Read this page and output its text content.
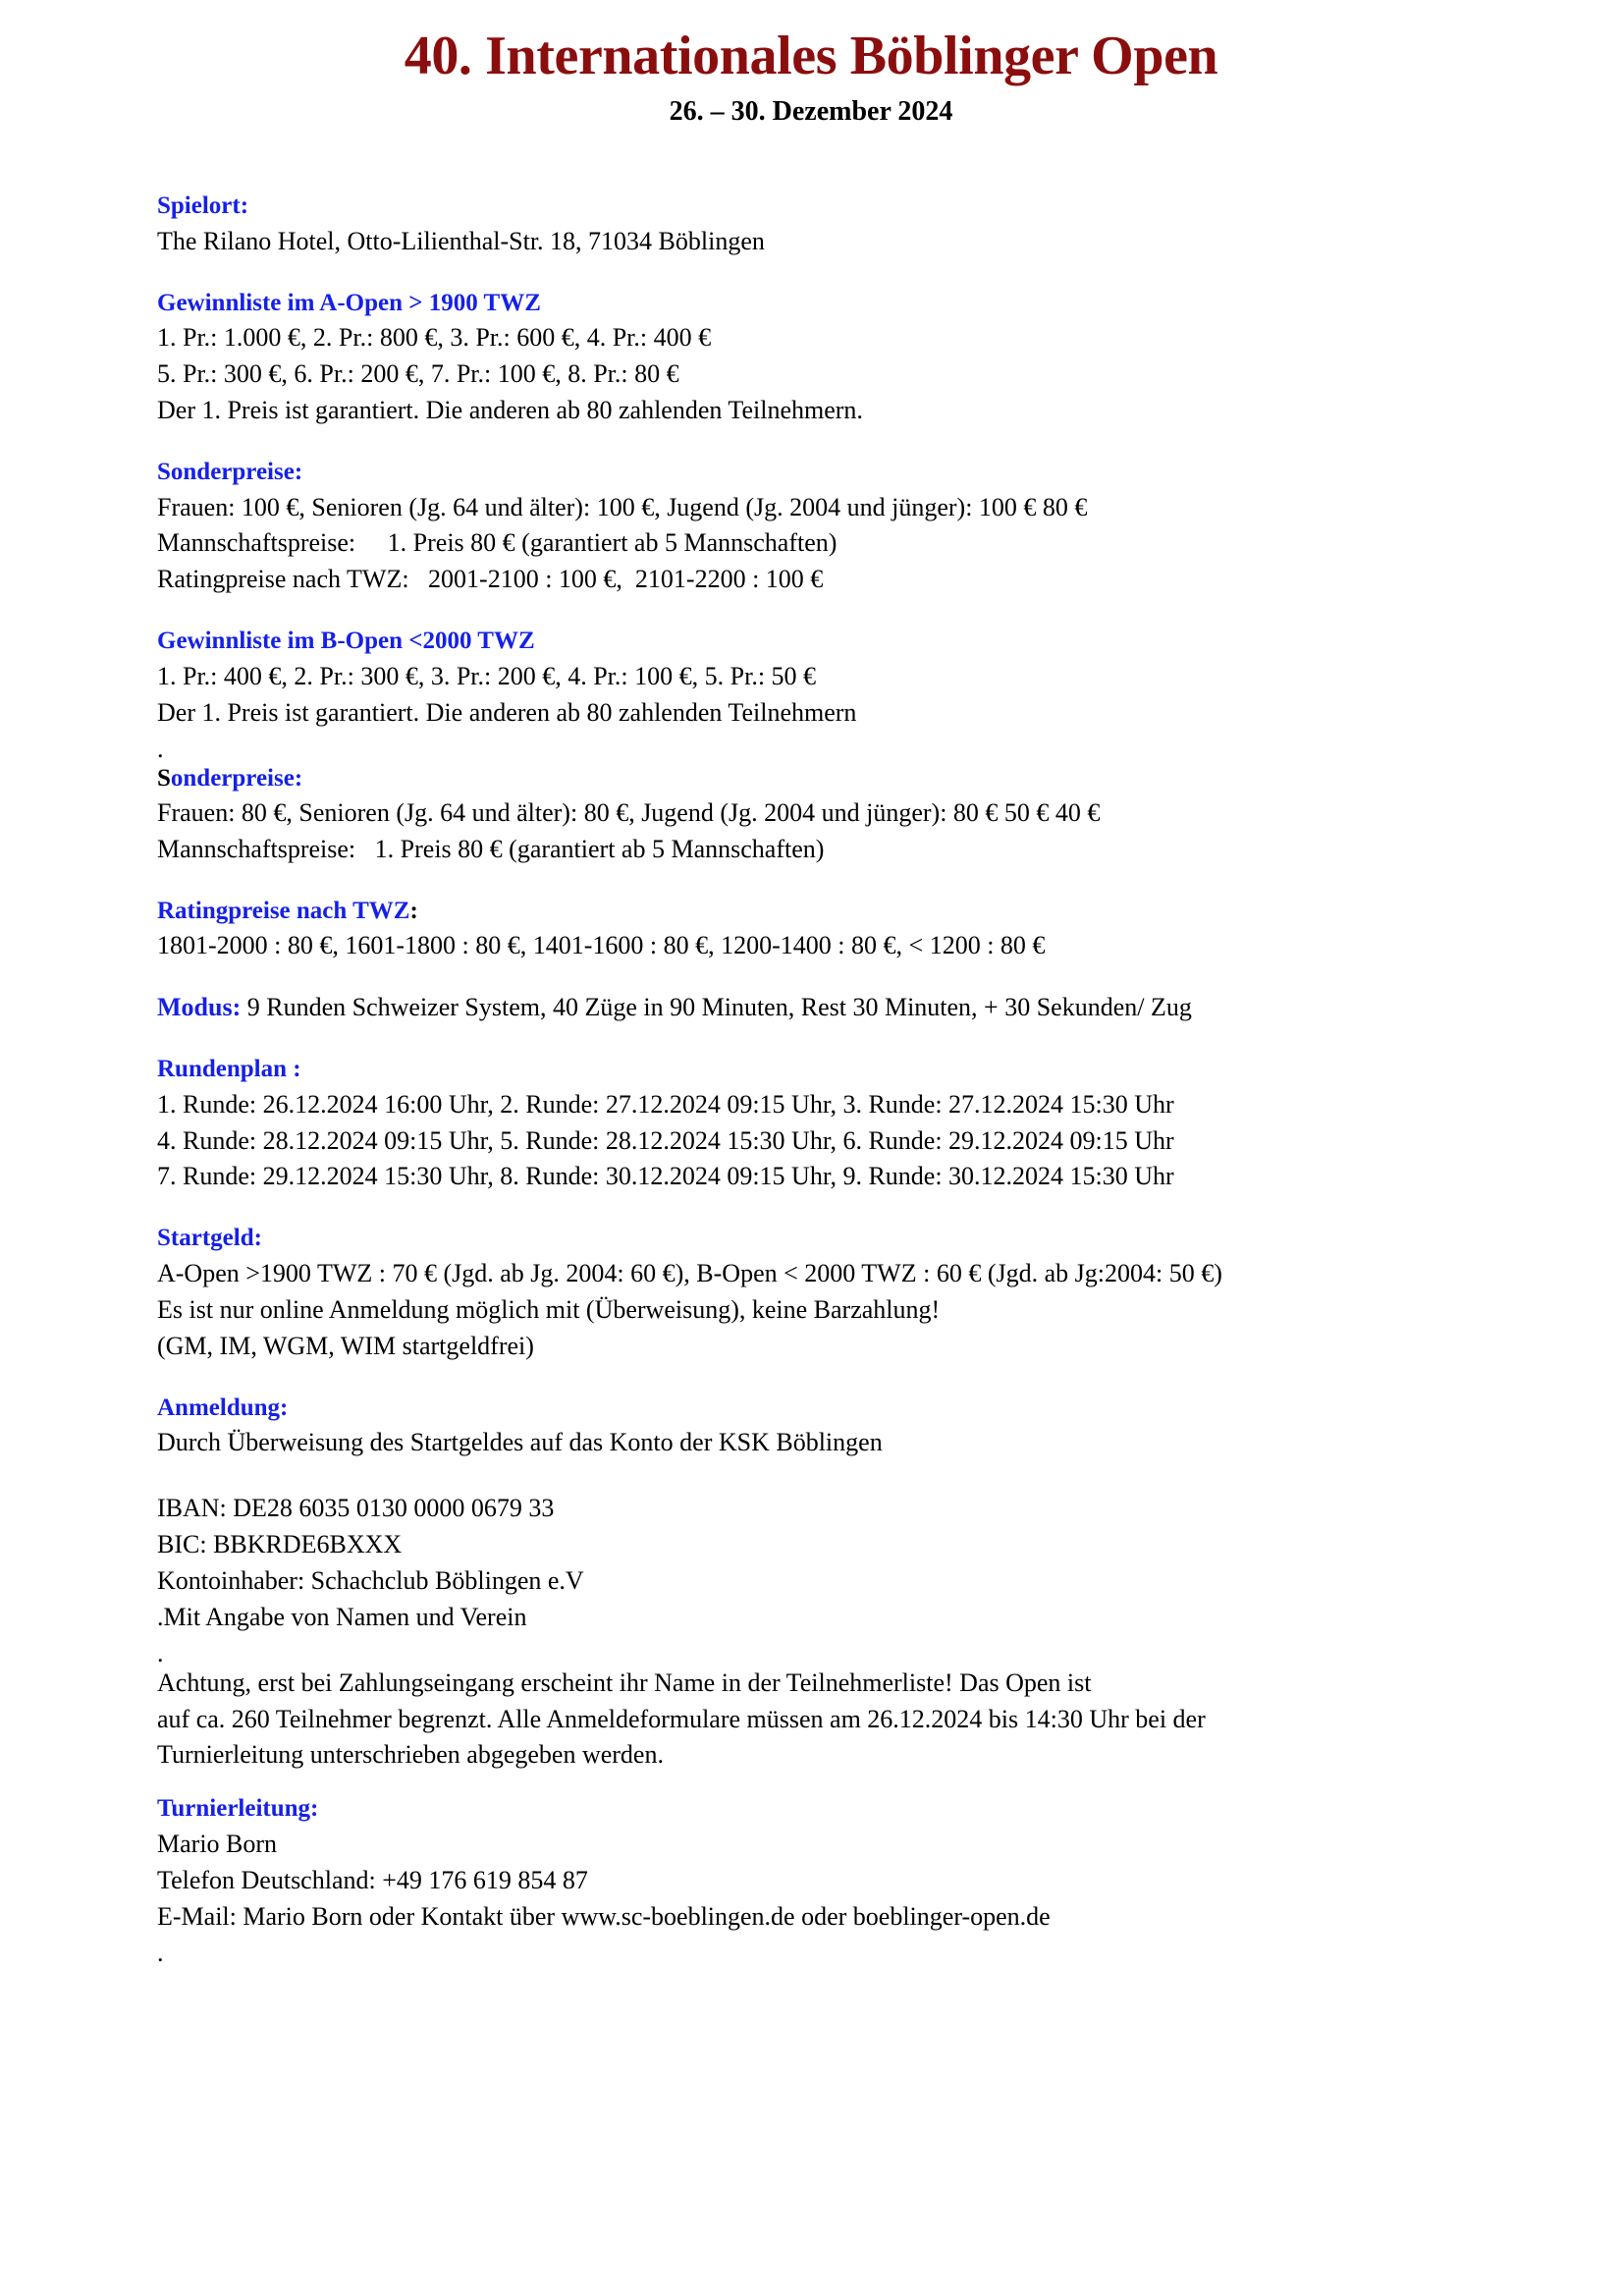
40. Internationales Böblinger Open
26. – 30. Dezember 2024
Spielort:
The Rilano Hotel, Otto-Lilienthal-Str. 18, 71034 Böblingen
Gewinnliste im A-Open > 1900 TWZ
1. Pr.: 1.000 €, 2. Pr.: 800 €, 3. Pr.: 600 €, 4. Pr.: 400 €
5. Pr.: 300 €, 6. Pr.: 200 €, 7. Pr.: 100 €, 8. Pr.: 80 €
Der 1. Preis ist garantiert. Die anderen ab 80 zahlenden Teilnehmern.
Sonderpreise:
Frauen: 100 €, Senioren (Jg. 64 und älter): 100 €, Jugend (Jg. 2004 und jünger): 100 € 80 €
Mannschaftspreise:     1. Preis 80 € (garantiert ab 5 Mannschaften)
Ratingpreise nach TWZ:   2001-2100 : 100 €,  2101-2200 : 100 €
Gewinnliste im B-Open <2000 TWZ
1. Pr.: 400 €, 2. Pr.: 300 €, 3. Pr.: 200 €, 4. Pr.: 100 €, 5. Pr.: 50 €
Der 1. Preis ist garantiert. Die anderen ab 80 zahlenden Teilnehmern
.
Sonderpreise:
Frauen: 80 €, Senioren (Jg. 64 und älter): 80 €, Jugend (Jg. 2004 und jünger): 80 € 50 € 40 €
Mannschaftspreise:   1. Preis 80 € (garantiert ab 5 Mannschaften)
Ratingpreise nach TWZ:
1801-2000 : 80 €, 1601-1800 : 80 €, 1401-1600 : 80 €, 1200-1400 : 80 €, < 1200 : 80 €
Modus: 9 Runden Schweizer System, 40 Züge in 90 Minuten, Rest 30 Minuten, + 30 Sekunden/ Zug
Rundenplan :
1. Runde: 26.12.2024 16:00 Uhr, 2. Runde: 27.12.2024 09:15 Uhr, 3. Runde: 27.12.2024 15:30 Uhr
4. Runde: 28.12.2024 09:15 Uhr, 5. Runde: 28.12.2024 15:30 Uhr, 6. Runde: 29.12.2024 09:15 Uhr
7. Runde: 29.12.2024 15:30 Uhr, 8. Runde: 30.12.2024 09:15 Uhr, 9. Runde: 30.12.2024 15:30 Uhr
Startgeld:
A-Open >1900 TWZ : 70 € (Jgd. ab Jg. 2004: 60 €), B-Open < 2000 TWZ : 60 € (Jgd. ab Jg:2004: 50 €)
Es ist nur online Anmeldung möglich mit (Überweisung), keine Barzahlung!
(GM, IM, WGM, WIM startgeldfrei)
Anmeldung:
Durch Überweisung des Startgeldes auf das Konto der KSK Böblingen
IBAN: DE28 6035 0130 0000 0679 33
BIC: BBKRDE6BXXX
Kontoinhaber: Schachclub Böblingen e.V
.Mit Angabe von Namen und Verein
.
Achtung, erst bei Zahlungseingang erscheint ihr Name in der Teilnehmerliste! Das Open ist
auf ca. 260 Teilnehmer begrenzt. Alle Anmeldeformulare müssen am 26.12.2024 bis 14:30 Uhr bei der
Turnierleitung unterschrieben abgegeben werden.
Turnierleitung:
Mario Born
Telefon Deutschland: +49 176 619 854 87
E-Mail: Mario Born oder Kontakt über www.sc-boeblingen.de oder boeblinger-open.de
.
